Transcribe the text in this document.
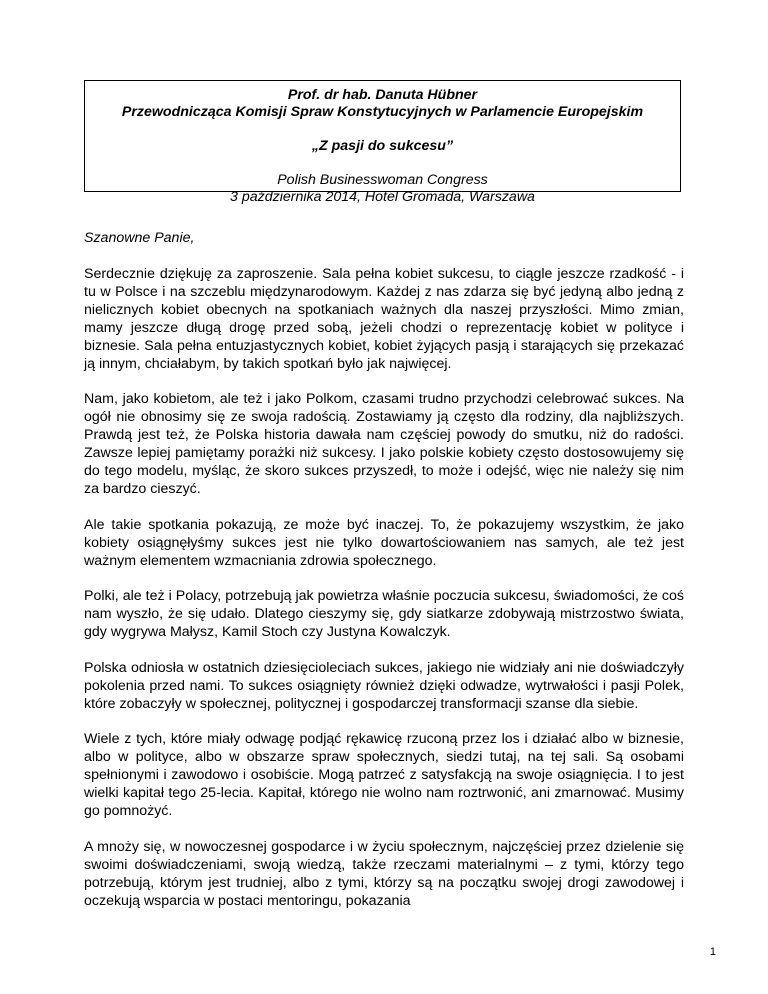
Prof. dr hab. Danuta Hübner

Przewodnicząca Komisji Spraw Konstytucyjnych w Parlamencie Europejskim

„Z pasji do sukcesu”

Polish Businesswoman Congress

3 października 2014, Hotel Gromada, Warszawa

Szanowne Panie,

Serdecznie dziękuję za zaproszenie. Sala pełna kobiet sukcesu, to ciągle jeszcze rzadkość - i tu w Polsce i na szczeblu międzynarodowym. Każdej z nas zdarza się być jedyną albo jedną z nielicznych kobiet obecnych na spotkaniach ważnych dla naszej przyszłości. Mimo zmian, mamy jeszcze długą drogę przed sobą, jeżeli chodzi o reprezentację kobiet w polityce i biznesie. Sala pełna entuzjastycznych kobiet, kobiet żyjących pasją i starających się przekazać ją innym, chciałabym, by takich spotkań było jak najwięcej.

Nam, jako kobietom, ale też i jako Polkom, czasami trudno przychodzi celebrować sukces. Na ogół nie obnosimy się ze swoja radością. Zostawiamy ją często dla rodziny, dla najbliższych. Prawdą jest też, że Polska historia dawała nam częściej powody do smutku, niż do radości. Zawsze lepiej pamiętamy porażki niż sukcesy. I jako polskie kobiety często dostosowujemy się do tego modelu, myśląc, że skoro sukces przyszedł, to może i odejść, więc nie należy się nim za bardzo cieszyć.

Ale takie spotkania pokazują, ze może być inaczej. To, że pokazujemy wszystkim, że jako kobiety osiągnęłyśmy sukces jest nie tylko dowartościowaniem nas samych, ale też jest ważnym elementem wzmacniania zdrowia społecznego.

Polki, ale też i Polacy, potrzebują jak powietrza właśnie poczucia sukcesu, świadomości, że coś nam wyszło, że się udało. Dlatego cieszymy się, gdy siatkarze zdobywają mistrzostwo świata, gdy wygrywa Małysz, Kamil Stoch czy Justyna Kowalczyk.

Polska odniosła w ostatnich dziesięcioleciach sukces, jakiego nie widziały ani nie doświadczyły pokolenia przed nami. To sukces osiągnięty również dzięki odwadze, wytrwałości i pasji Polek, które zobaczyły w społecznej, politycznej i gospodarczej transformacji szanse dla siebie.

Wiele z tych, które miały odwagę podjąć rękawicę rzuconą przez los i działać albo w biznesie, albo w polityce, albo w obszarze spraw społecznych, siedzi tutaj, na tej sali. Są osobami spełnionymi i zawodowo i osobiście. Mogą patrzeć z satysfakcją na swoje osiągnięcia. I to jest wielki kapitał tego 25-lecia. Kapitał, którego nie wolno nam roztrwonić, ani zmarnować. Musimy go pomnożyć.

A mnoży się, w nowoczesnej gospodarce i w życiu społecznym, najczęściej przez dzielenie się swoimi doświadczeniami, swoją wiedzą, także rzeczami materialnymi – z tymi, którzy tego potrzebują, którym jest trudniej, albo z tymi, którzy są na początku swojej drogi zawodowej i oczekują wsparcia w postaci mentoringu, pokazania

1
